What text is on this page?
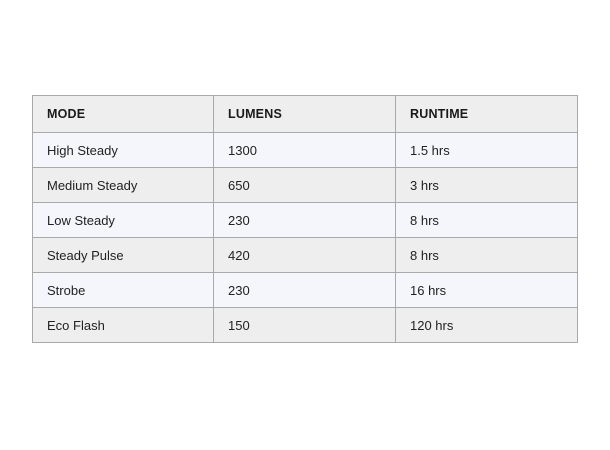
MODE	LUMENS	RUNTIME
High Steady	1300	1.5 hrs
Medium Steady	650	3 hrs
Low Steady	230	8 hrs
Steady Pulse	420	8 hrs
Strobe	230	16 hrs
Eco Flash	150	120 hrs
